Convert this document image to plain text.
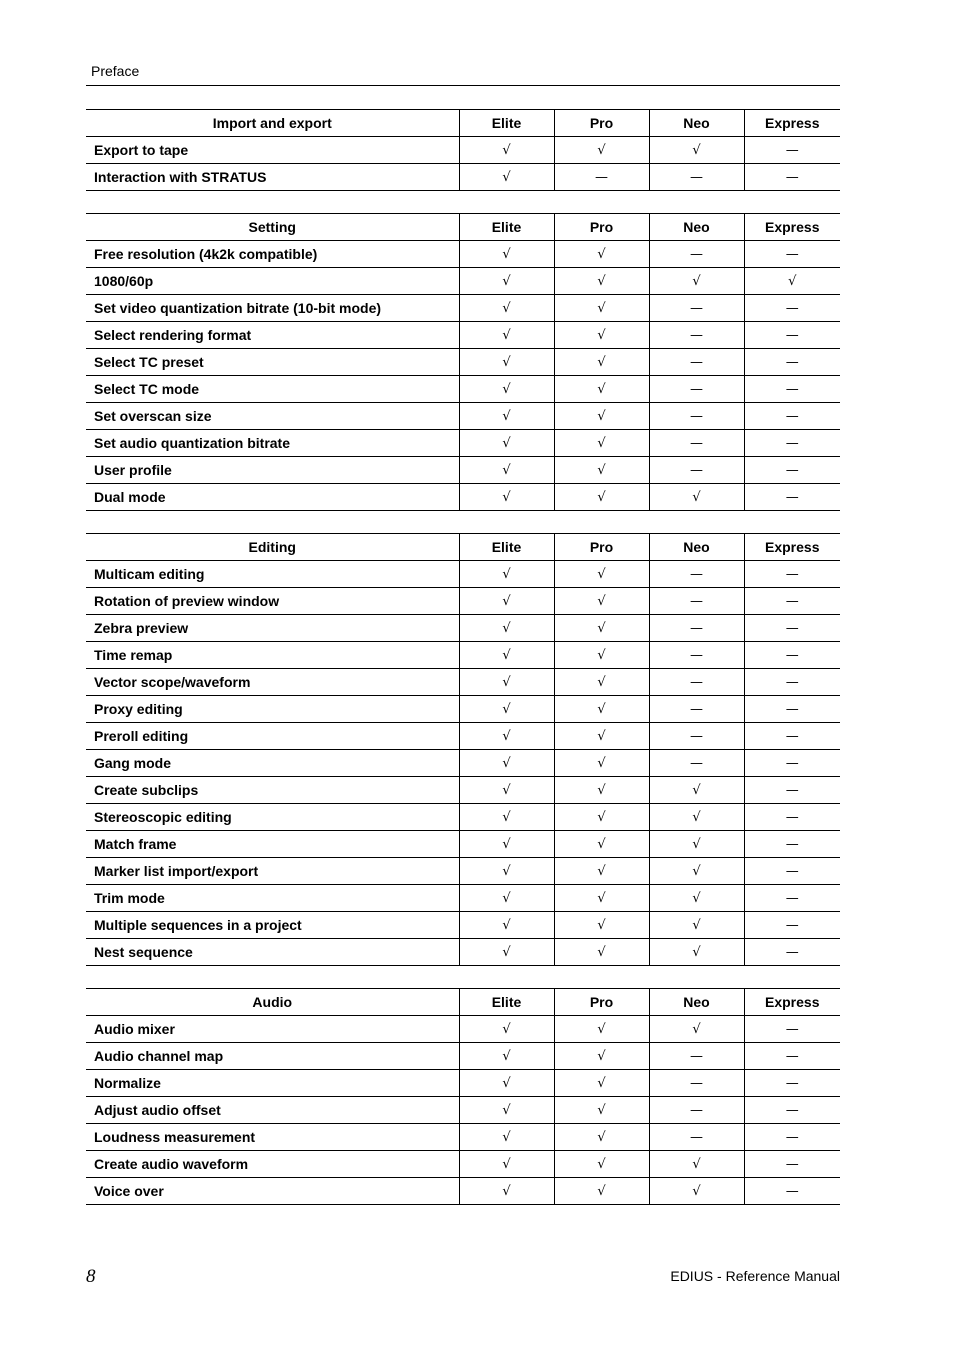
Preface
Import and export	Elite	Pro	Neo	Express
Export to tape	√	√	√	—
Interaction with STRATUS	√	—	—	—
Setting	Elite	Pro	Neo	Express
Free resolution (4k2k compatible)	√	√	—	—
1080/60p	√	√	√	√
Set video quantization bitrate (10-bit mode)	√	√	—	—
Select rendering format	√	√	—	—
Select TC preset	√	√	—	—
Select TC mode	√	√	—	—
Set overscan size	√	√	—	—
Set audio quantization bitrate	√	√	—	—
User profile	√	√	—	—
Dual mode	√	√	√	—
Editing	Elite	Pro	Neo	Express
Multicam editing	√	√	—	—
Rotation of preview window	√	√	—	—
Zebra preview	√	√	—	—
Time remap	√	√	—	—
Vector scope/waveform	√	√	—	—
Proxy editing	√	√	—	—
Preroll editing	√	√	—	—
Gang mode	√	√	—	—
Create subclips	√	√	√	—
Stereoscopic editing	√	√	√	—
Match frame	√	√	√	—
Marker list import/export	√	√	√	—
Trim mode	√	√	√	—
Multiple sequences in a project	√	√	√	—
Nest sequence	√	√	√	—
Audio	Elite	Pro	Neo	Express
Audio mixer	√	√	√	—
Audio channel map	√	√	—	—
Normalize	√	√	—	—
Adjust audio offset	√	√	—	—
Loudness measurement	√	√	—	—
Create audio waveform	√	√	√	—
Voice over	√	√	√	—
8	EDIUS - Reference Manual
